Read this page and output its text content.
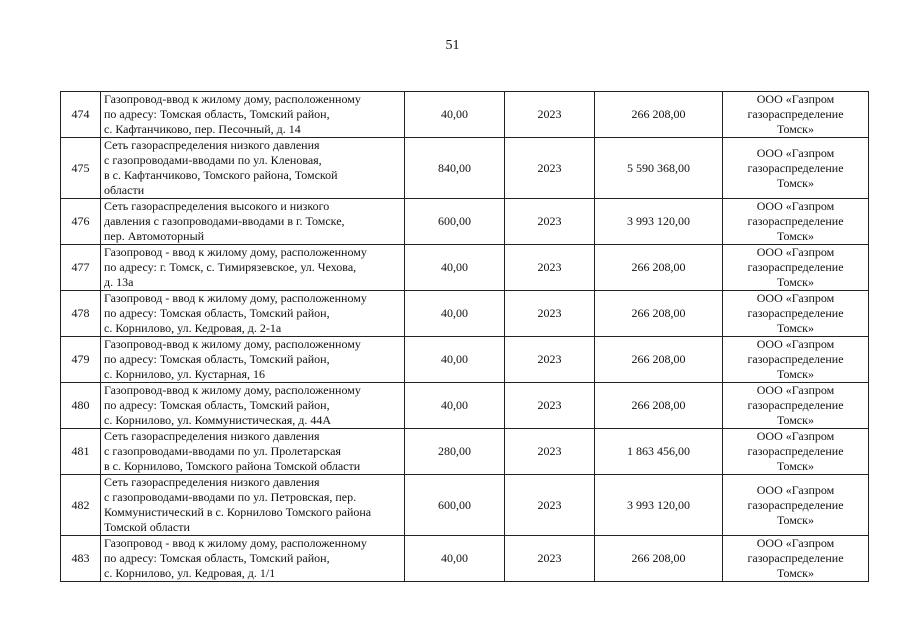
51
474	Газопровод-ввод к жилому дому, расположенному
по адресу: Томская область, Томский район,
с. Кафтанчиково, пер. Песочный, д. 14	40,00	2023	266 208,00	ООО «Газпром
газораспределение
Томск»
475	Сеть газораспределения низкого давления
с газопроводами-вводами по ул. Кленовая,
в с. Кафтанчиково, Томского района, Томской
области	840,00	2023	5 590 368,00	ООО «Газпром
газораспределение
Томск»
476	Сеть газораспределения высокого и низкого
давления с газопроводами-вводами в г. Томске,
пер. Автомоторный	600,00	2023	3 993 120,00	ООО «Газпром
газораспределение
Томск»
477	Газопровод - ввод к жилому дому, расположенному
по адресу: г. Томск, с. Тимирязевское, ул. Чехова,
д. 13а	40,00	2023	266 208,00	ООО «Газпром
газораспределение
Томск»
478	Газопровод - ввод к жилому дому, расположенному
по адресу: Томская область, Томский район,
с. Корнилово, ул. Кедровая, д. 2-1а	40,00	2023	266 208,00	ООО «Газпром
газораспределение
Томск»
479	Газопровод-ввод к жилому дому, расположенному
по адресу: Томская область, Томский район,
с. Корнилово, ул. Кустарная, 16	40,00	2023	266 208,00	ООО «Газпром
газораспределение
Томск»
480	Газопровод-ввод к жилому дому, расположенному
по адресу: Томская область, Томский район,
с. Корнилово, ул. Коммунистическая, д. 44А	40,00	2023	266 208,00	ООО «Газпром
газораспределение
Томск»
481	Сеть газораспределения низкого давления
с газопроводами-вводами по ул. Пролетарская
в с. Корнилово, Томского района Томской области	280,00	2023	1 863 456,00	ООО «Газпром
газораспределение
Томск»
482	Сеть газораспределения низкого давления
с газопроводами-вводами по ул. Петровская, пер.
Коммунистический в с. Корнилово Томского района
Томской области	600,00	2023	3 993 120,00	ООО «Газпром
газораспределение
Томск»
483	Газопровод - ввод к жилому дому, расположенному
по адресу: Томская область, Томский район,
с. Корнилово, ул. Кедровая, д. 1/1	40,00	2023	266 208,00	ООО «Газпром
газораспределение
Томск»
